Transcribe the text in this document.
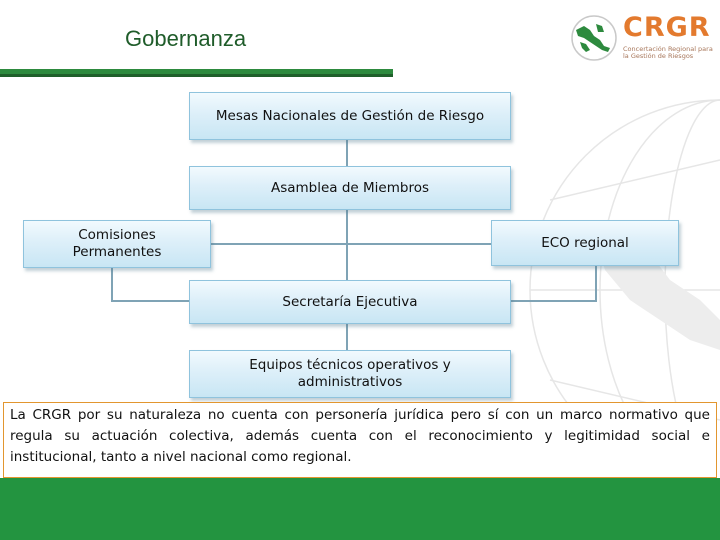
Gobernanza	CRGR
Concertación Regional para la Gestión de Riesgos
Mesas Nacionales de Gestión de Riesgo
Asamblea de Miembros
Comisiones Permanentes
ECO regional
Secretaría Ejecutiva
Equipos técnicos operativos y administrativos
La CRGR por su naturaleza no cuenta con personería jurídica pero sí con un marco normativo que regula su actuación colectiva, además cuenta con el reconocimiento y legitimidad social e institucional, tanto a nivel nacional como regional.
